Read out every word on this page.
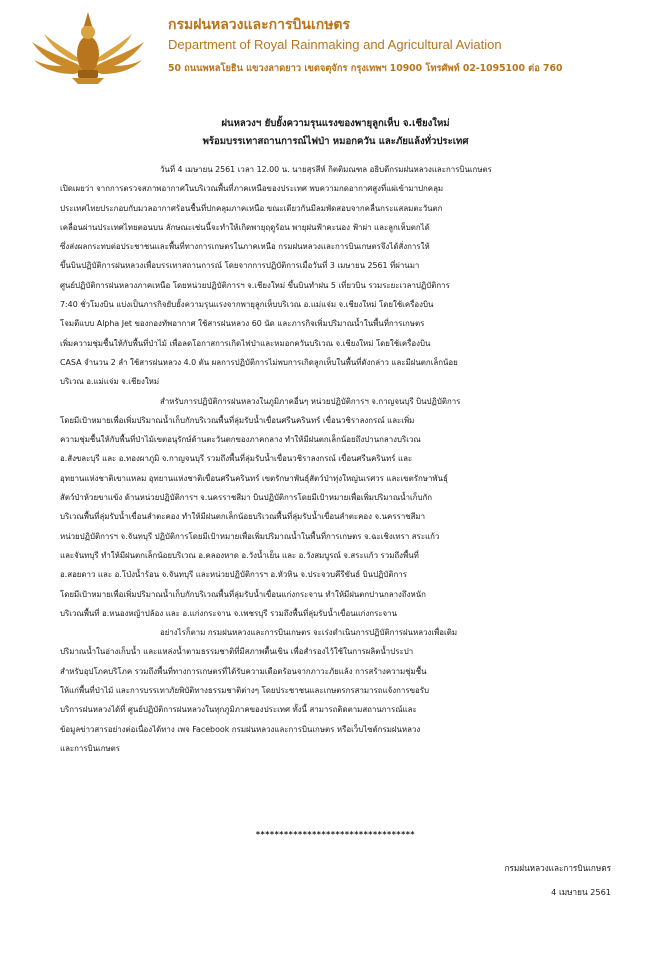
กรมฝนหลวงและการบินเกษตร
Department of Royal Rainmaking and Agricultural Aviation
50 ถนนพหลโยธิน แขวงลาดยาว เขตจตุจักร กรุงเทพฯ 10900 โทรศัพท์ 02-1095100 ต่อ 760
ฝนหลวงฯ ยับยั้งความรุนแรงของพายุลูกเห็บ จ.เชียงใหม่
พร้อมบรรเทาสถานการณ์ไฟป่า หมอกควัน และภัยแล้งทั่วประเทศ

วันที่ 4 เมษายน 2561 เวลา 12.00 น. นายสุรสีห์ กิตติมณฑล อธิบดีกรมฝนหลวงและการบินเกษตร

เปิดเผยว่า จากการตรวจสภาพอากาศในบริเวณพื้นที่ภาคเหนือของประเทศ พบความกดอากาศสูงที่แผ่เข้ามาปกคลุม

ประเทศไทยประกอบกับมวลอากาศร้อนชื้นที่ปกคลุมภาคเหนือ ขณะเดียวกันมีลมพัดสอบจากคลื่นกระแสลมตะวันตก

เคลื่อนผ่านประเทศไทยตอนบน ลักษณะเช่นนี้จะทำให้เกิดพายุฤดูร้อน พายุฝนฟ้าคะนอง ฟ้าผ่า และลูกเห็บตกได้

ซึ่งส่งผลกระทบต่อประชาชนและพื้นที่ทางการเกษตรในภาคเหนือ กรมฝนหลวงและการบินเกษตรจึงได้สั่งการให้

ขึ้นบินปฏิบัติการฝนหลวงเพื่อบรรเทาสถานการณ์ โดยจากการปฏิบัติการเมื่อวันที่ 3 เมษายน 2561 ที่ผ่านมา

ศูนย์ปฏิบัติการฝนหลวงภาคเหนือ โดยหน่วยปฏิบัติการฯ จ.เชียงใหม่ ขึ้นบินทำฝน 5 เที่ยวบิน รวมระยะเวลาปฏิบัติการ

7:40 ชั่วโมงบิน แบ่งเป็นภารกิจยับยั้งความรุนแรงจากพายุลูกเห็บบริเวณ อ.แม่แจ่ม จ.เชียงใหม่ โดยใช้เครื่องบิน

โจมตีแบบ Alpha Jet ของกองทัพอากาศ ใช้สารฝนหลวง 60 นัด และภารกิจเพิ่มปริมาณน้ำในพื้นที่การเกษตร

เพิ่มความชุ่มชื้นให้กับพื้นที่ป่าไม้ เพื่อลดโอกาสการเกิดไฟป่าและหมอกควันบริเวณ จ.เชียงใหม่ โดยใช้เครื่องบิน

CASA จำนวน 2 ลำ ใช้สารฝนหลวง 4.0 ตัน ผลการปฏิบัติการไม่พบการเกิดลูกเห็บในพื้นที่ดังกล่าว และมีฝนตกเล็กน้อย

บริเวณ อ.แม่แจ่ม จ.เชียงใหม่

สำหรับการปฏิบัติการฝนหลวงในภูมิภาคอื่นๆ หน่วยปฏิบัติการฯ จ.กาญจนบุรี บินปฏิบัติการ

โดยมีเป้าหมายเพื่อเพิ่มปริมาณน้ำเก็บกักบริเวณพื้นที่ลุ่มรับน้ำเขื่อนศรีนครินทร์ เขื่อนวชิราลงกรณ์ และเพิ่ม

ความชุ่มชื้นให้กับพื้นที่ป่าไม้เขตอนุรักษ์ด้านตะวันตกของภาคกลาง ทำให้มีฝนตกเล็กน้อยถึงปานกลางบริเวณ

อ.สังขละบุรี และ อ.ทองผาภูมิ จ.กาญจนบุรี รวมถึงพื้นที่ลุ่มรับน้ำเขื่อนวชิราลงกรณ์ เขื่อนศรีนครินทร์ และ

อุทยานแห่งชาติเขาแหลม อุทยานแห่งชาติเขื่อนศรีนครินทร์ เขตรักษาพันธุ์สัตว์ป่าทุ่งใหญ่นเรศวร และเขตรักษาพันธุ์

สัตว์ป่าห้วยขาแข้ง ด้านหน่วยปฏิบัติการฯ จ.นครราชสีมา บินปฏิบัติการโดยมีเป้าหมายเพื่อเพิ่มปริมาณน้ำเก็บกัก

บริเวณพื้นที่ลุ่มรับน้ำเขื่อนลำตะคอง ทำให้มีฝนตกเล็กน้อยบริเวณพื้นที่ลุ่มรับน้ำเขื่อนลำตะคอง จ.นครราชสีมา

หน่วยปฏิบัติการฯ จ.จันทบุรี ปฏิบัติการโดยมีเป้าหมายเพื่อเพิ่มปริมาณน้ำในพื้นที่การเกษตร จ.ฉะเชิงเทรา สระแก้ว

และจันทบุรี ทำให้มีฝนตกเล็กน้อยบริเวณ อ.คลองหาด อ.วังน้ำเย็น และ อ.วังสมบูรณ์ จ.สระแก้ว รวมถึงพื้นที่

อ.สอยดาว และ อ.โป่งน้ำร้อน จ.จันทบุรี และหน่วยปฏิบัติการฯ อ.หัวหิน จ.ประจวบคีรีขันธ์ บินปฏิบัติการ

โดยมีเป้าหมายเพื่อเพิ่มปริมาณน้ำเก็บกักบริเวณพื้นที่ลุ่มรับน้ำเขื่อนแก่งกระจาน ทำให้มีฝนตกปานกลางถึงหนัก

บริเวณพื้นที่ อ.หนองหญ้าปล้อง และ อ.แก่งกระจาน จ.เพชรบุรี รวมถึงพื้นที่ลุ่มรับน้ำเขื่อนแก่งกระจาน

อย่างไรก็ตาม กรมฝนหลวงและการบินเกษตร จะเร่งดำเนินการปฏิบัติการฝนหลวงเพื่อเติม

ปริมาณน้ำในอ่างเก็บน้ำ และแหล่งน้ำตามธรรมชาติที่มีสภาพตื้นเขิน เพื่อสำรองไว้ใช้ในการผลิตน้ำประปา

สำหรับอุปโภคบริโภค รวมถึงพื้นที่ทางการเกษตรที่ได้รับความเดือดร้อนจากภาวะภัยแล้ง การสร้างความชุ่มชื้น

ให้แก่พื้นที่ป่าไม้ และการบรรเทาภัยพิบัติทางธรรมชาติต่างๆ โดยประชาชนและเกษตรกรสามารถแจ้งการขอรับ

บริการฝนหลวงได้ที่ ศูนย์ปฏิบัติการฝนหลวงในทุกภูมิภาคของประเทศ ทั้งนี้ สามารถติดตามสถานการณ์และ

ข้อมูลข่าวสารอย่างต่อเนื่องได้ทาง เพจ Facebook กรมฝนหลวงและการบินเกษตร หรือเว็บไซต์กรมฝนหลวง

และการบินเกษตร

**********************************
กรมฝนหลวงและการบินเกษตร
4 เมษายน 2561
